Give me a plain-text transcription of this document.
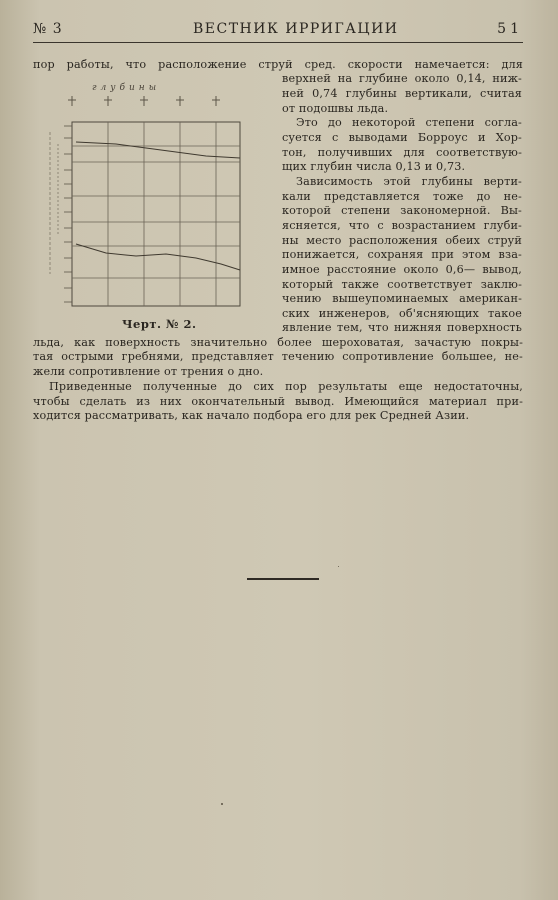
№ 3	ВЕСТНИК ИРРИГАЦИИ	51
пор работы, что расположение струй сред. скорости намечается: для
верхней на глубине около 0,14, ниж-
ней 0,74 глубины вертикали, считая
от подошвы льда.
Это до некоторой степени согла-
суется с выводами Борроус и Хор-
тон, получивших для соответствую-
щих глубин числа 0,13 и 0,73.
Зависимость этой глубины верти-
кали представляется тоже до не-
которой степени закономерной. Вы-
ясняется, что с возрастанием глуби-
ны место расположения обеих струй
понижается, сохраняя при этом вза-
имное расстояние около 0,6— вывод,
который также соответствует заклю-
чению вышеупоминаемых американ-
ских инженеров, об'ясняющих такое
явление тем, что нижняя поверхность
льда, как поверхность значительно более шероховатая, зачастую покры-
тая острыми гребнями, представляет течению сопротивление большее, не-
жели сопротивление от трения о дно.
Приведенные полученные до сих пор результаты еще недостаточны,
чтобы сделать из них окончательный вывод. Имеющийся материал при-
ходится рассматривать, как начало подбора его для рек Средней Азии.
глубины
Черт. № 2.
